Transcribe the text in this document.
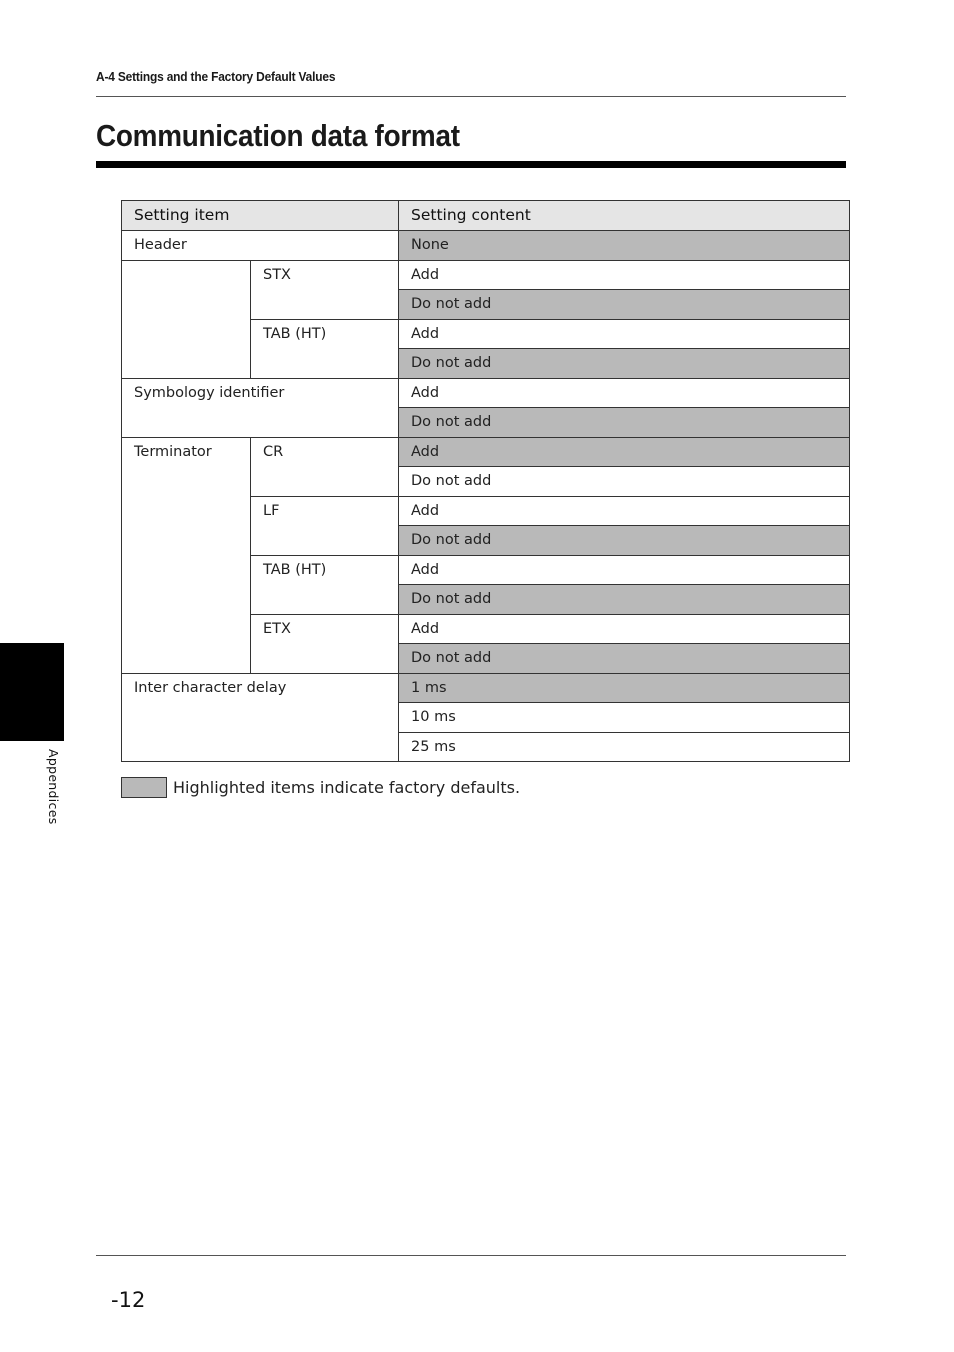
A-4 Settings and the Factory Default Values
Communication data format
Setting item		Setting content
Header		None
	STX	Add
		Do not add
	TAB (HT)	Add
		Do not add
Symbology identifier		Add
		Do not add
Terminator	CR	Add
		Do not add
	LF	Add
		Do not add
	TAB (HT)	Add
		Do not add
	ETX	Add
		Do not add
Inter character delay		1 ms
		10 ms
		25 ms
Highlighted items indicate factory defaults.
Appendices
-12
